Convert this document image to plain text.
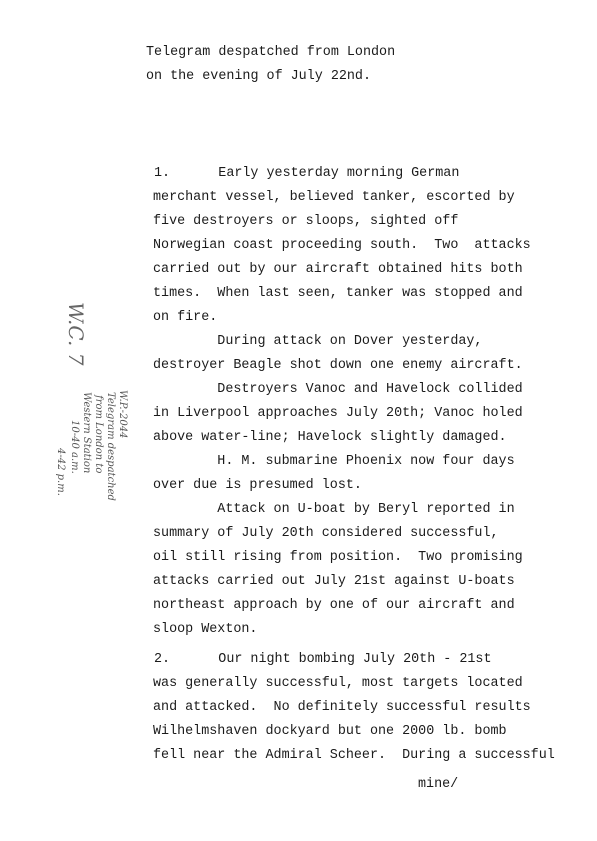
Telegram despatched from London
on the evening of July 22nd.
1.      Early yesterday morning German
merchant vessel, believed tanker, escorted by
five destroyers or sloops, sighted off
Norwegian coast proceeding south.  Two  attacks
carried out by our aircraft obtained hits both
times.  When last seen, tanker was stopped and
on fire.
During attack on Dover yesterday,
destroyer Beagle shot down one enemy aircraft.
Destroyers Vanoc and Havelock collided
in Liverpool approaches July 20th; Vanoc holed
above water-line; Havelock slightly damaged.
H. M. submarine Phoenix now four days
over due is presumed lost.
Attack on U-boat by Beryl reported in
summary of July 20th considered successful,
oil still rising from position.  Two promising
attacks carried out July 21st against U-boats
northeast approach by one of our aircraft and
sloop Wexton.
2.      Our night bombing July 20th - 21st
was generally successful, most targets located
and attacked.  No definitely successful results
Wilhelmshaven dockyard but one 2000 lb. bomb
fell near the Admiral Scheer.  During a successful
mine/
W.C. 7
W.P.-2044
Telegram despatched
from London to
Western Station
10-40 a.m.
4-42 p.m.
